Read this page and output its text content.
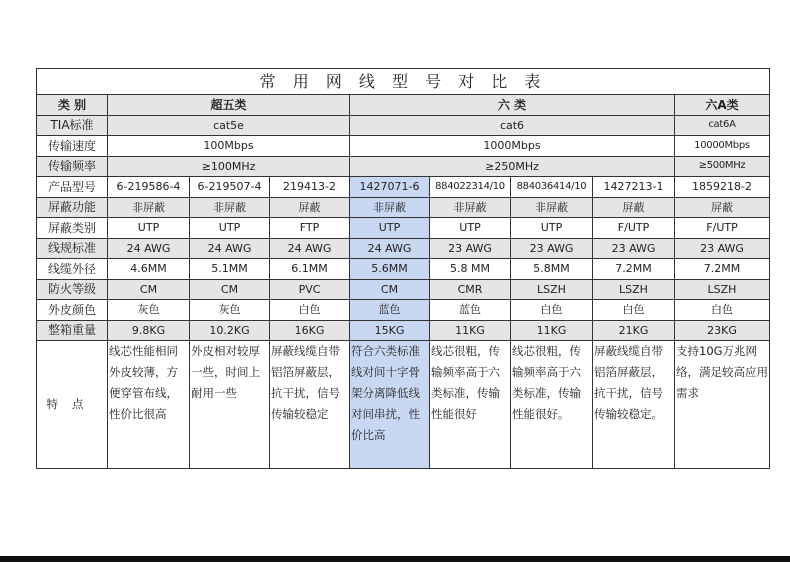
常 用 网 线 型 号 对 比 表								
类 别	超五类			六 类				六A类
TIA标准	cat5e			cat6				cat6A
传输速度	100Mbps			1000Mbps				10000Mbps
传输频率	≥100MHz			≥250MHz				≥500MHz
产品型号	6-219586-4	6-219507-4	219413-2	1427071-6	884022314/10	884036414/10	1427213-1	1859218-2
屏蔽功能	非屏蔽	非屏蔽	屏蔽	非屏蔽	非屏蔽	非屏蔽	屏蔽	屏蔽
屏蔽类别	UTP	UTP	FTP	UTP	UTP	UTP	F/UTP	F/UTP
线规标准	24 AWG	24 AWG	24 AWG	24 AWG	23 AWG	23 AWG	23 AWG	23 AWG
线缆外径	4.6MM	5.1MM	6.1MM	5.6MM	5.8 MM	5.8MM	7.2MM	7.2MM
防火等级	CM	CM	PVC	CM	CMR	LSZH	LSZH	LSZH
外皮颜色	灰色	灰色	白色	蓝色	蓝色	白色	白色	白色
整箱重量	9.8KG	10.2KG	16KG	15KG	11KG	11KG	21KG	23KG
特点	线芯性能相同外皮较薄，方便穿管布线，性价比很高	外皮相对较厚一些，时间上耐用一些	屏蔽线缆自带铝箔屏蔽层，抗干扰，信号传输较稳定	符合六类标准线对间十字骨架分离降低线对间串扰，性价比高	线芯很粗，传输频率高于六类标准，传输性能很好	线芯很粗，传输频率高于六类标准，传输性能很好。	屏蔽线缆自带铝箔屏蔽层，抗干扰，信号传输较稳定。	支持10G万兆网络，满足较高应用需求
